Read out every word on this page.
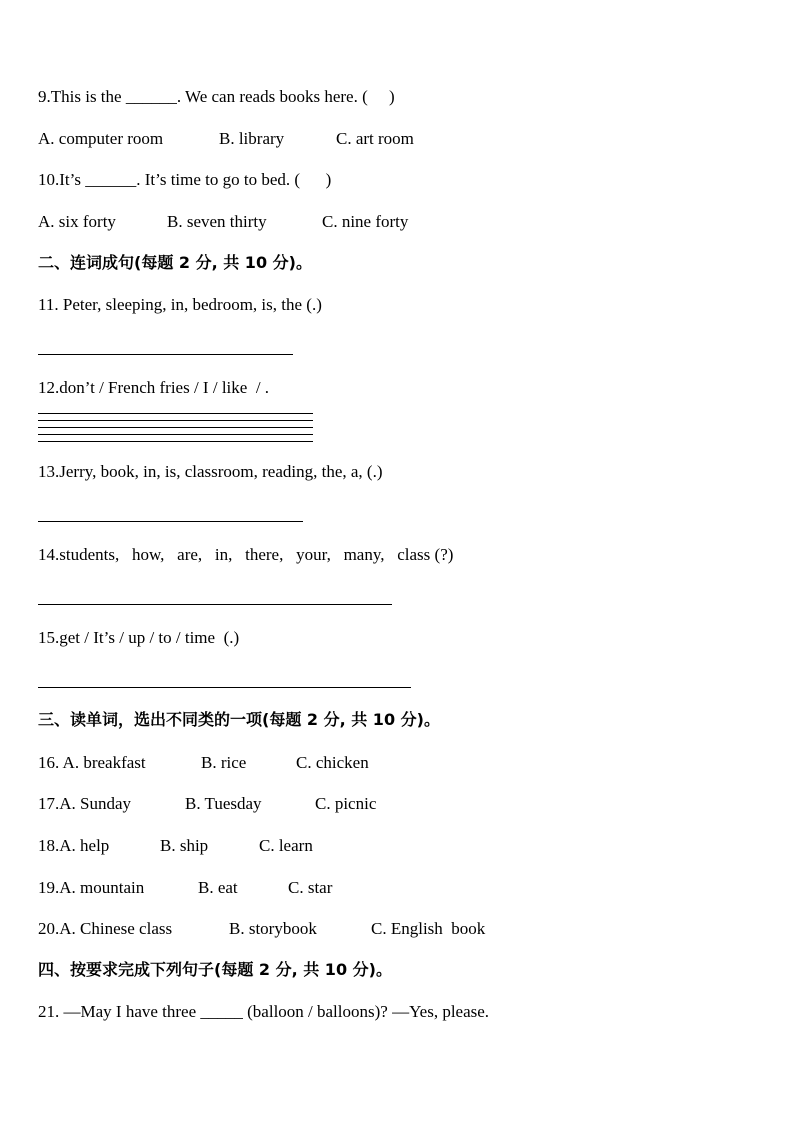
9.This is the ______. We can reads books here. (     )
A. computer room	B. library	C. art room
10.It’s ______. It’s time to go to bed. (      )
A. six forty	B. seven thirty	C. nine forty
二、连词成句(每题 2 分, 共 10 分)。
11. Peter, sleeping, in, bedroom, is, the (.)
12.don’t / French fries / I / like  / .
13.Jerry, book, in, is, classroom, reading, the, a, (.)
14.students,   how,   are,   in,   there,   your,   many,   class (?)
15.get / It’s / up / to / time  (.)
三、读单词，选出不同类的一项(每题 2 分, 共 10 分)。
16. A. breakfast	B. rice	C. chicken
17.A. Sunday	B. Tuesday	C. picnic
18.A. help	B. ship	C. learn
19.A. mountain	B. eat	C. star
20.A. Chinese class	B. storybook	C. English  book
四、按要求完成下列句子(每题 2 分, 共 10 分)。
21. —May I have three _____ (balloon / balloons)? —Yes, please.
